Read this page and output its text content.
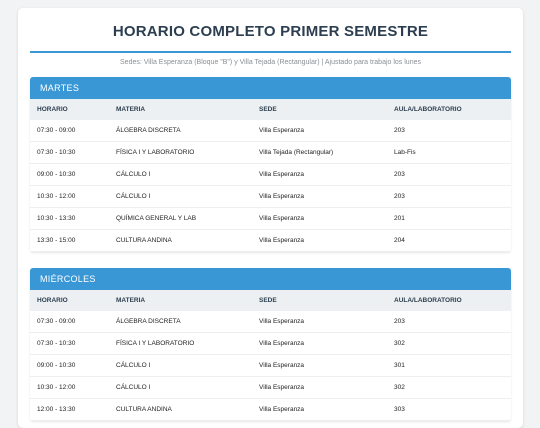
HORARIO COMPLETO PRIMER SEMESTRE
Sedes: Villa Esperanza (Bloque "B") y Villa Tejada (Rectangular) | Ajustado para trabajo los lunes
MARTES
HORARIO	MATERIA	SEDE	AULA/LABORATORIO
07:30 - 09:00	ÁLGEBRA DISCRETA	Villa Esperanza	203
07:30 - 10:30	FÍSICA I Y LABORATORIO	Villa Tejada (Rectangular)	Lab-Fis
09:00 - 10:30	CÁLCULO I	Villa Esperanza	203
10:30 - 12:00	CÁLCULO I	Villa Esperanza	203
10:30 - 13:30	QUÍMICA GENERAL Y LAB	Villa Esperanza	201
13:30 - 15:00	CULTURA ANDINA	Villa Esperanza	204
MIÉRCOLES
HORARIO	MATERIA	SEDE	AULA/LABORATORIO
07:30 - 09:00	ÁLGEBRA DISCRETA	Villa Esperanza	203
07:30 - 10:30	FÍSICA I Y LABORATORIO	Villa Esperanza	302
09:00 - 10:30	CÁLCULO I	Villa Esperanza	301
10:30 - 12:00	CÁLCULO I	Villa Esperanza	302
12:00 - 13:30	CULTURA ANDINA	Villa Esperanza	303
